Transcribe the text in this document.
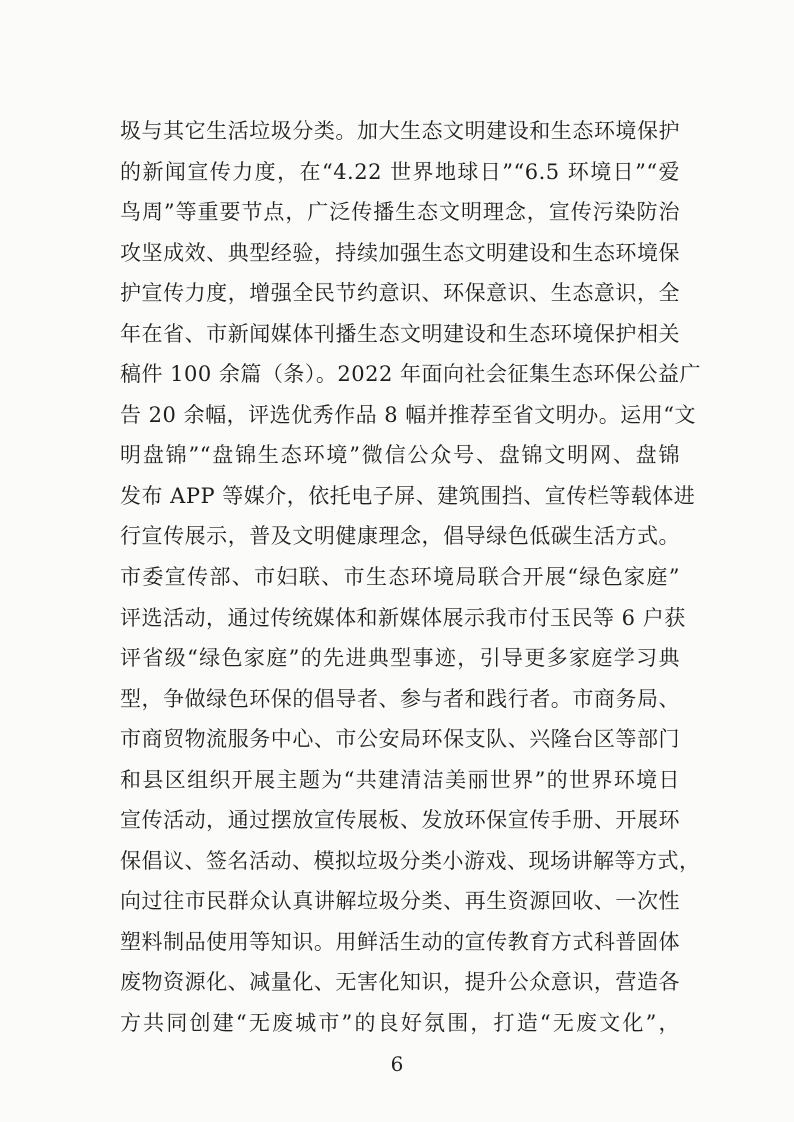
圾与其它生活垃圾分类。加大生态文明建设和生态环境保护
的新闻宣传力度，在“4.22 世界地球日”“6.5 环境日”“爱
鸟周”等重要节点，广泛传播生态文明理念，宣传污染防治
攻坚成效、典型经验，持续加强生态文明建设和生态环境保
护宣传力度，增强全民节约意识、环保意识、生态意识，全
年在省、市新闻媒体刊播生态文明建设和生态环境保护相关
稿件 100 余篇（条）。2022 年面向社会征集生态环保公益广
告 20 余幅，评选优秀作品 8 幅并推荐至省文明办。运用“文
明盘锦”“盘锦生态环境”微信公众号、盘锦文明网、盘锦
发布 APP 等媒介，依托电子屏、建筑围挡、宣传栏等载体进
行宣传展示，普及文明健康理念，倡导绿色低碳生活方式。
市委宣传部、市妇联、市生态环境局联合开展“绿色家庭”
评选活动，通过传统媒体和新媒体展示我市付玉民等 6 户获
评省级“绿色家庭”的先进典型事迹，引导更多家庭学习典
型，争做绿色环保的倡导者、参与者和践行者。市商务局、
市商贸物流服务中心、市公安局环保支队、兴隆台区等部门
和县区组织开展主题为“共建清洁美丽世界”的世界环境日
宣传活动，通过摆放宣传展板、发放环保宣传手册、开展环
保倡议、签名活动、模拟垃圾分类小游戏、现场讲解等方式，
向过往市民群众认真讲解垃圾分类、再生资源回收、一次性
塑料制品使用等知识。用鲜活生动的宣传教育方式科普固体
废物资源化、减量化、无害化知识，提升公众意识，营造各
方共同创建“无废城市”的良好氛围，打造“无废文化”，
6
